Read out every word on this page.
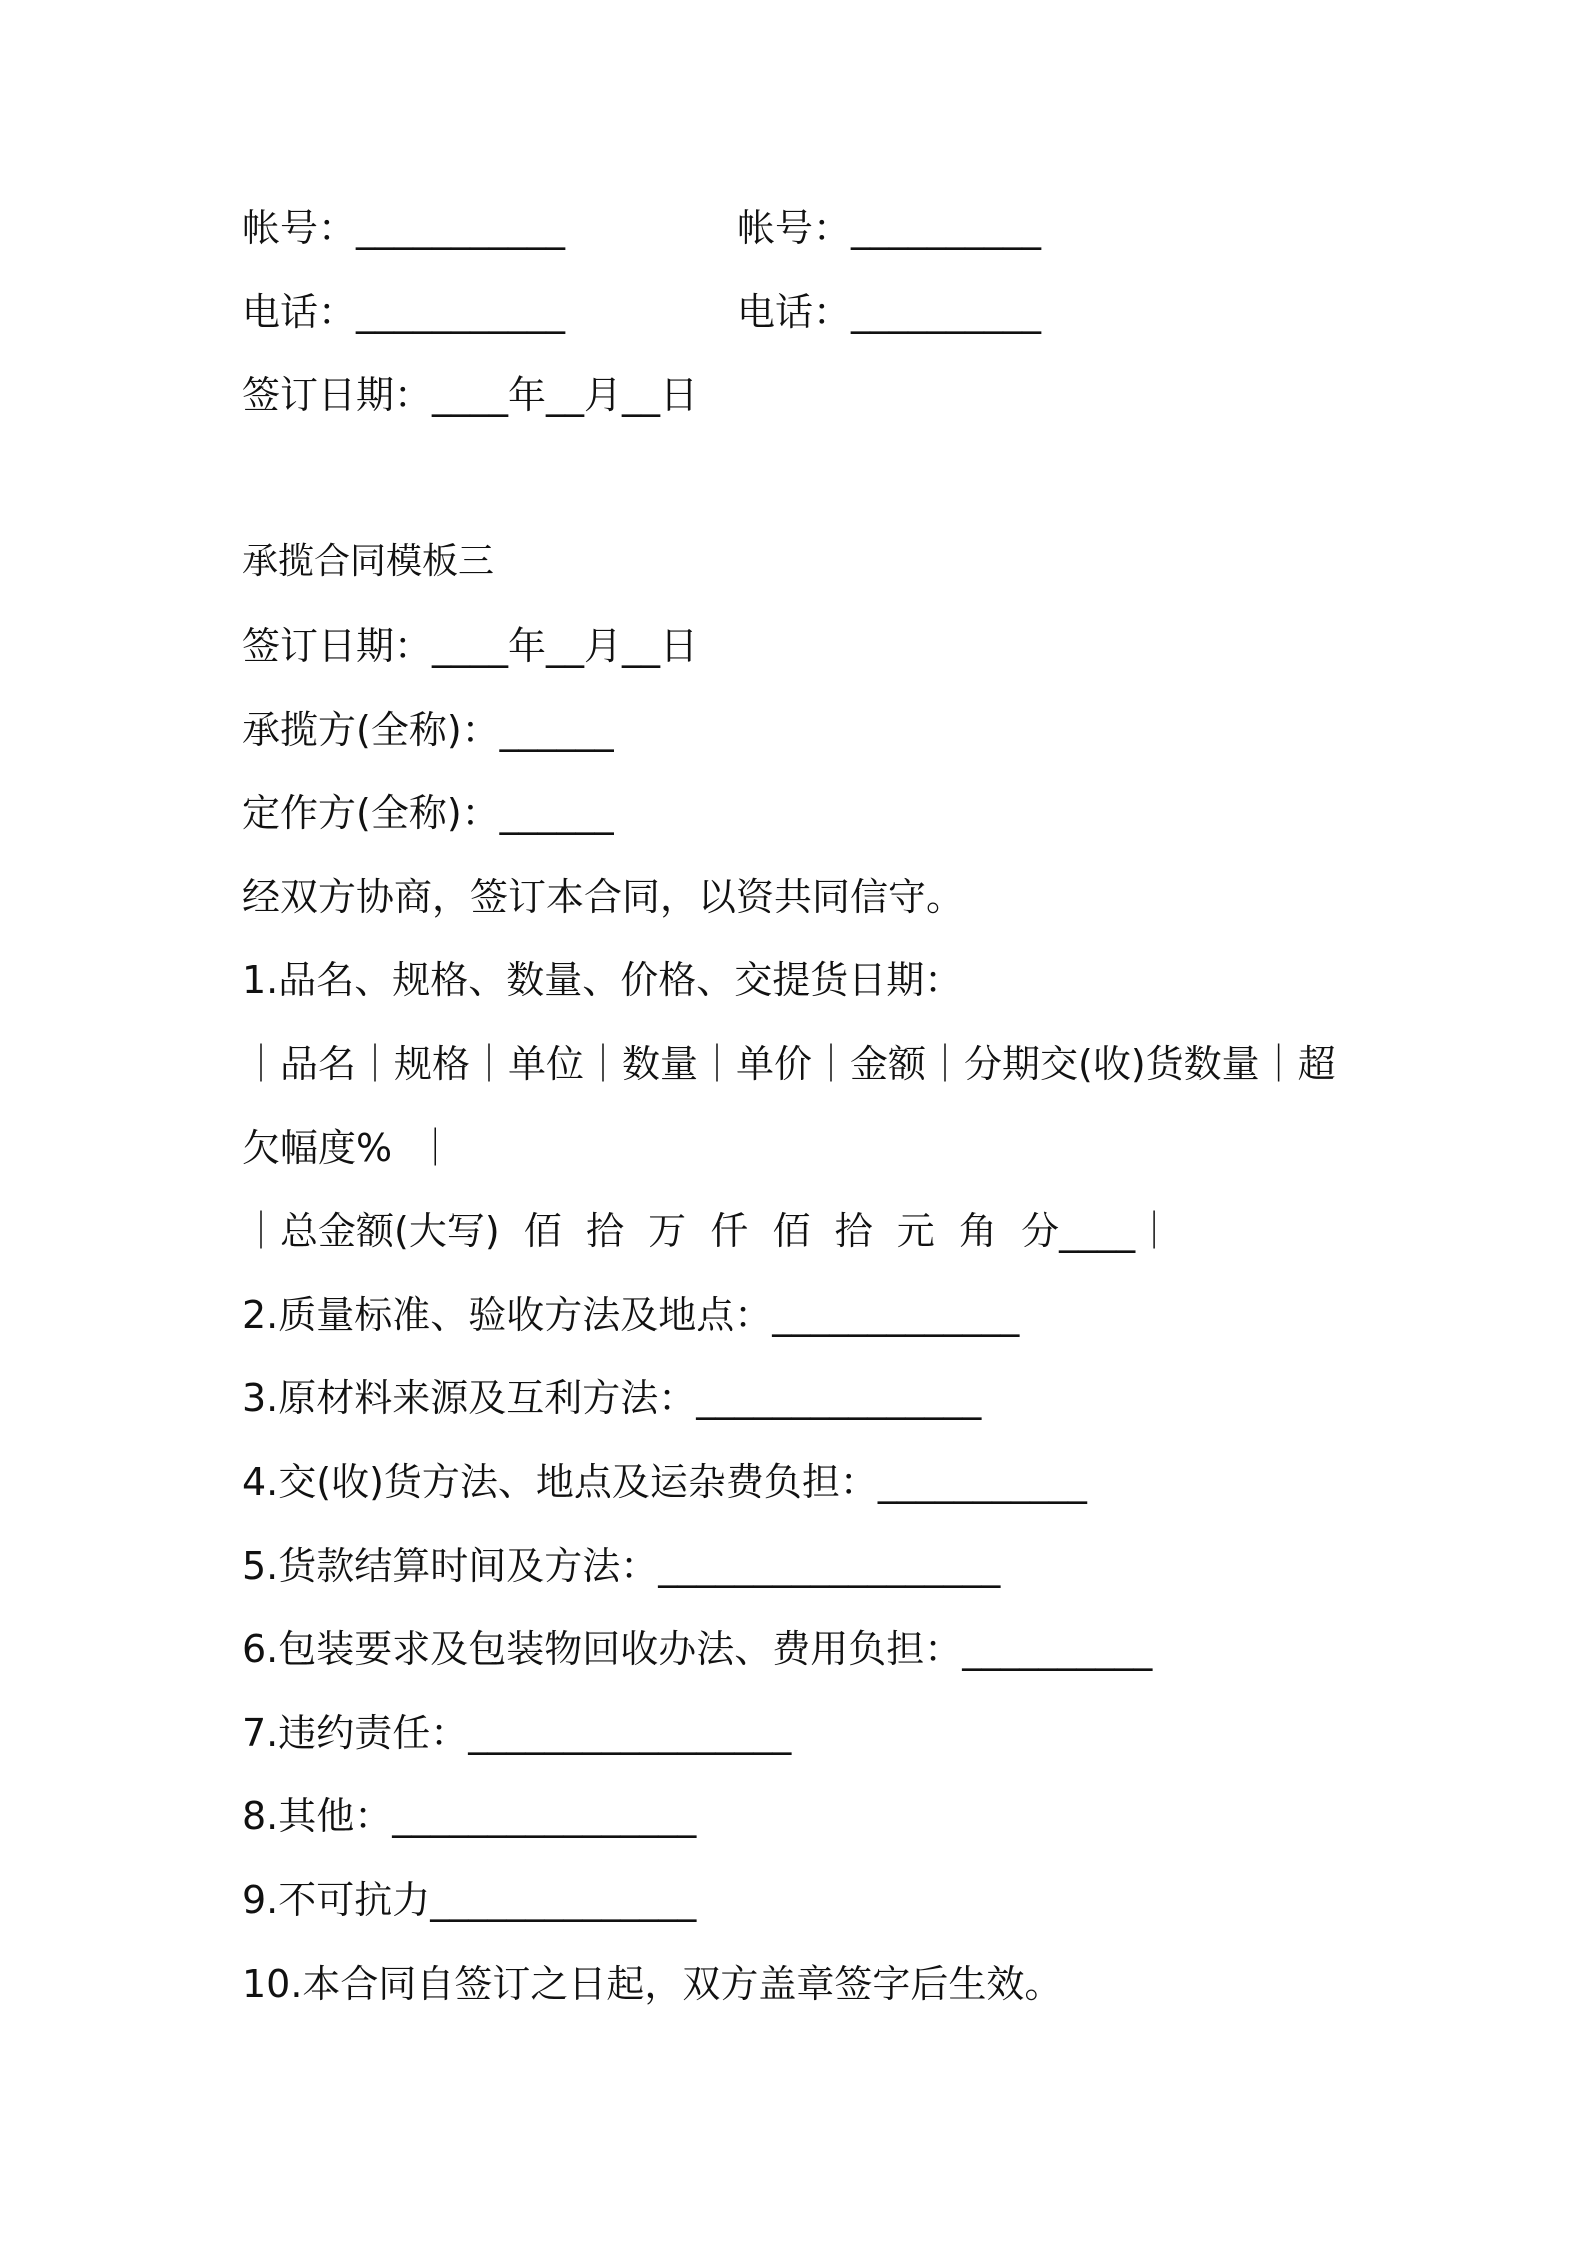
帐号：___________	帐号：__________
电话：___________	电话：__________
签订日期：____年__月__日
承揽合同模板三
签订日期：____年__月__日
承揽方(全称)：______
定作方(全称)：______
经双方协商，签订本合同，以资共同信守。
1.品名、规格、数量、价格、交提货日期：
｜品名｜规格｜单位｜数量｜单价｜金额｜分期交(收)货数量｜超
欠幅度%  ｜
｜总金额(大写)  佰  拾  万  仟  佰  拾  元  角  分____｜
2.质量标准、验收方法及地点：_____________
3.原材料来源及互利方法：_______________
4.交(收)货方法、地点及运杂费负担：___________
5.货款结算时间及方法：__________________
6.包装要求及包装物回收办法、费用负担：__________
7.违约责任：_________________
8.其他：________________
9.不可抗力______________
10.本合同自签订之日起，双方盖章签字后生效。
